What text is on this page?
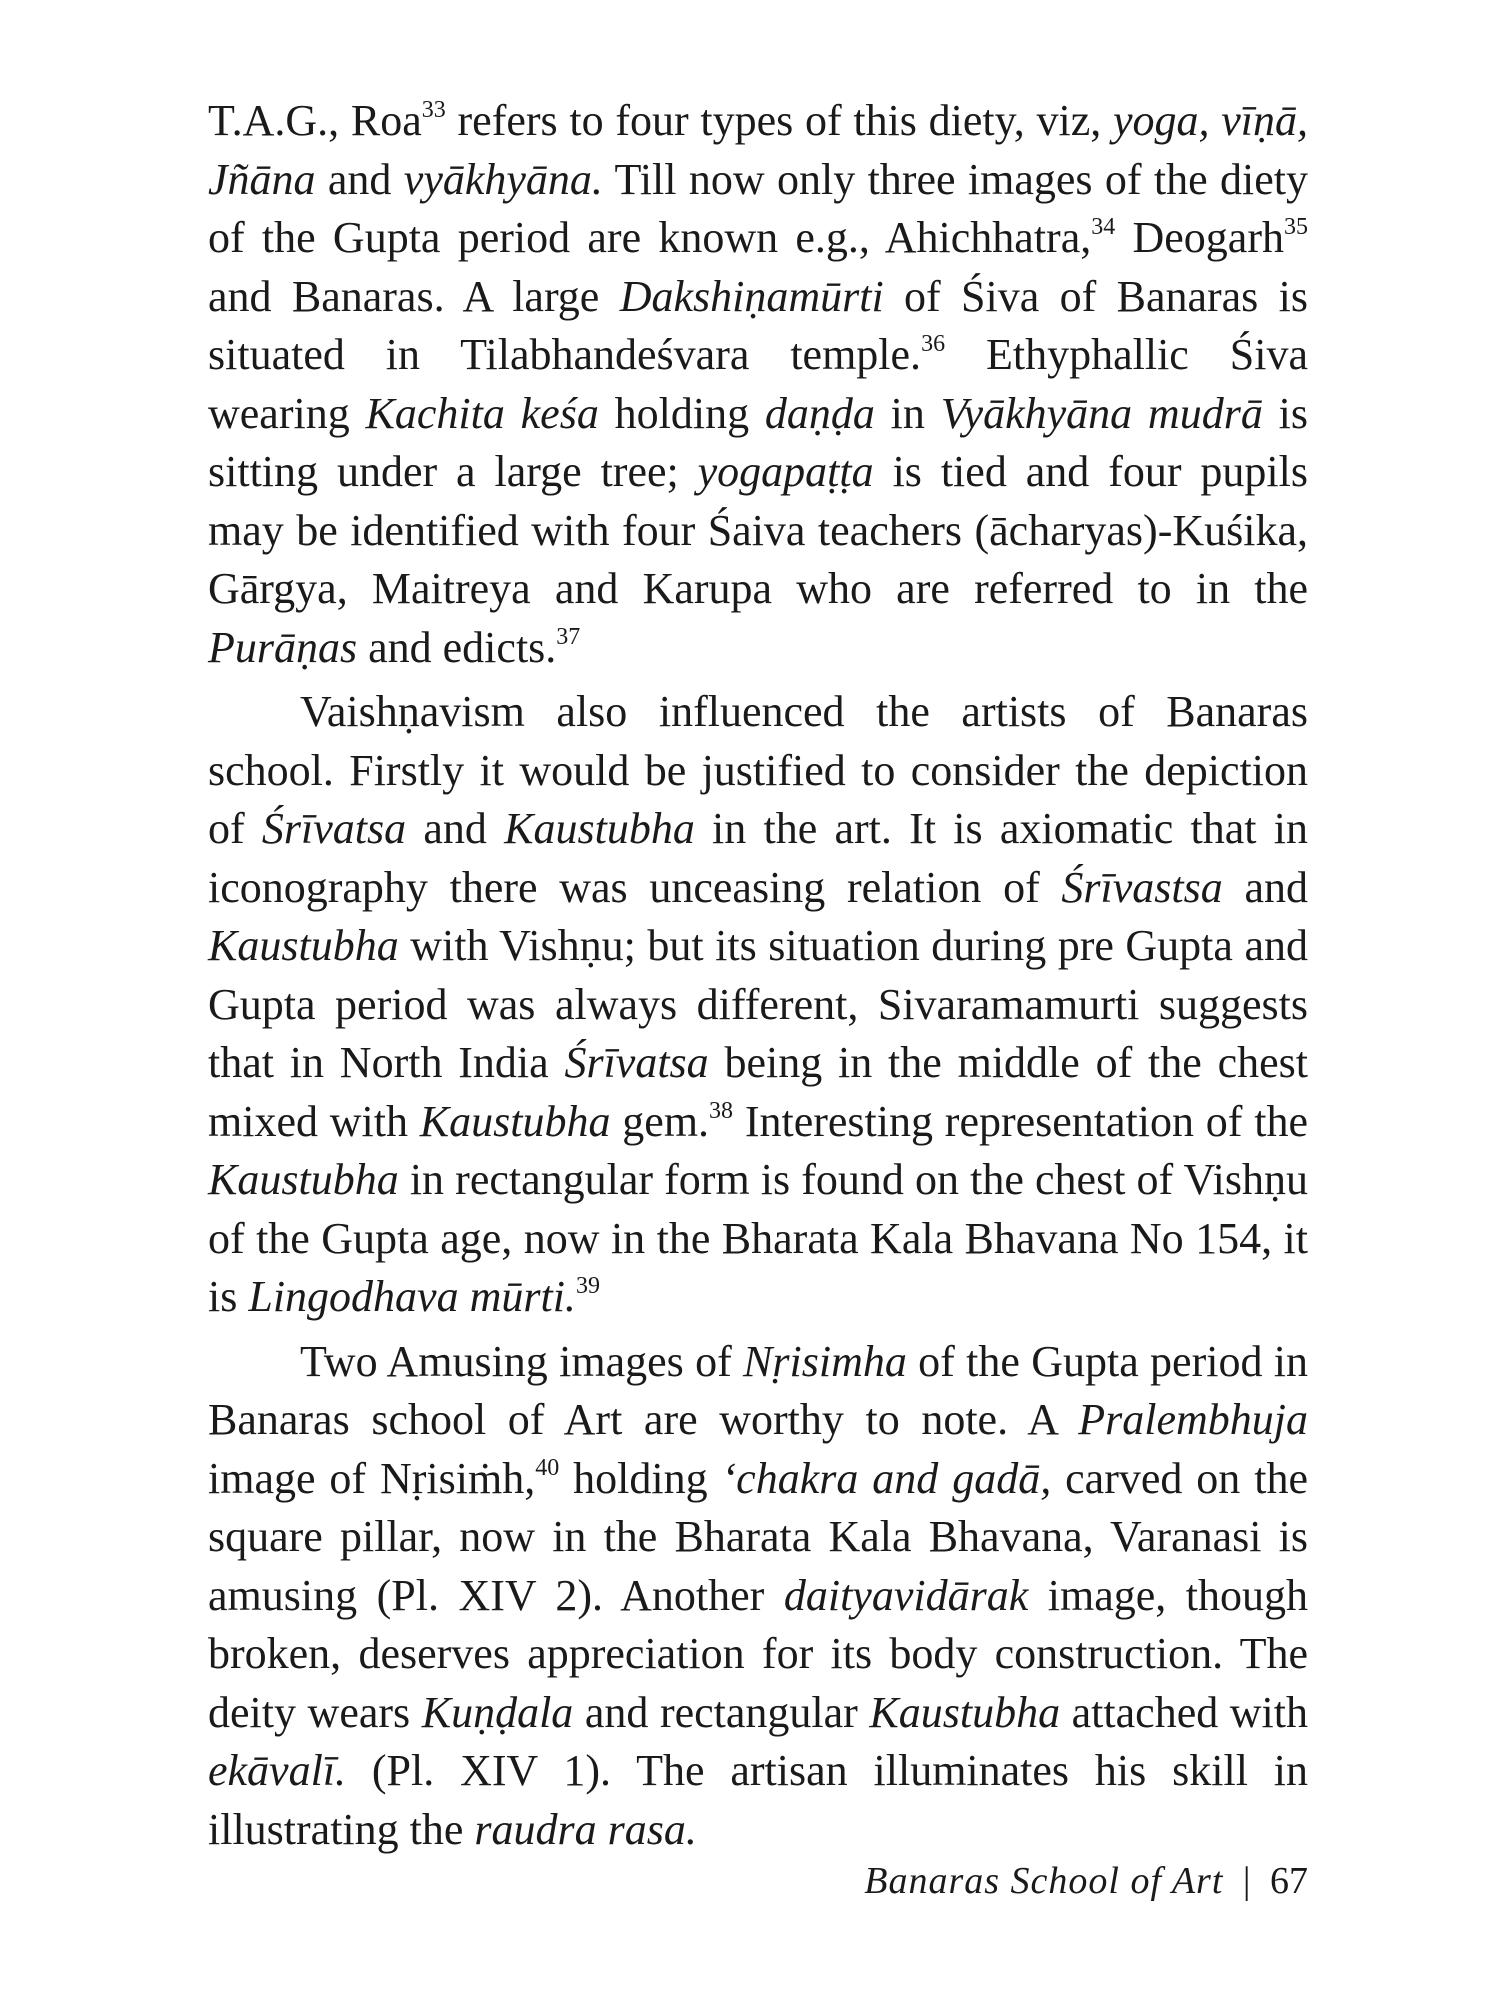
T.A.G., Roa$^{33}$ refers to four types of this diety, viz, yoga, vīṇā, Jñāna and vyākhyāna. Till now only three images of the diety of the Gupta period are known e.g., Ahichhatra,$^{34}$ Deogarh$^{35}$ and Banaras. A large Dakshiṇamūrti of Śiva of Banaras is situated in Tilabhandeśvara temple.$^{36}$ Ethyphallic Śiva wearing Kachita keśa holding daṇḍa in Vyākhyāna mudrā is sitting under a large tree; yogapaṭṭa is tied and four pupils may be identified with four Śaiva teachers (ācharyas)-Kuśika, Gārgya, Maitreya and Karupa who are referred to in the Purāṇas and edicts.$^{37}$

Vaishṇavism also influenced the artists of Banaras school. Firstly it would be justified to consider the depiction of Śrīvatsa and Kaustubha in the art. It is axiomatic that in iconography there was unceasing relation of Śrīvastsa and Kaustubha with Vishṇu; but its situation during pre Gupta and Gupta period was always different, Sivaramamurti suggests that in North India Śrīvatsa being in the middle of the chest mixed with Kaustubha gem.$^{38}$ Interesting representation of the Kaustubha in rectangular form is found on the chest of Vishṇu of the Gupta age, now in the Bharata Kala Bhavana No 154, it is Lingodhava mūrti.$^{39}$

Two Amusing images of Nṛisimha of the Gupta period in Banaras school of Art are worthy to note. A Pralembhuja image of Nṛisiṁh,$^{40}$ holding ‘chakra and gadā, carved on the square pillar, now in the Bharata Kala Bhavana, Varanasi is amusing (Pl. XIV 2). Another daityavidārak image, though broken, deserves appreciation for its body construction. The deity wears Kuṇḍala and rectangular Kaustubha attached with ekāvalī. (Pl. XIV 1). The artisan illuminates his skill in illustrating the raudra rasa.

Banaras School of Art | 67
